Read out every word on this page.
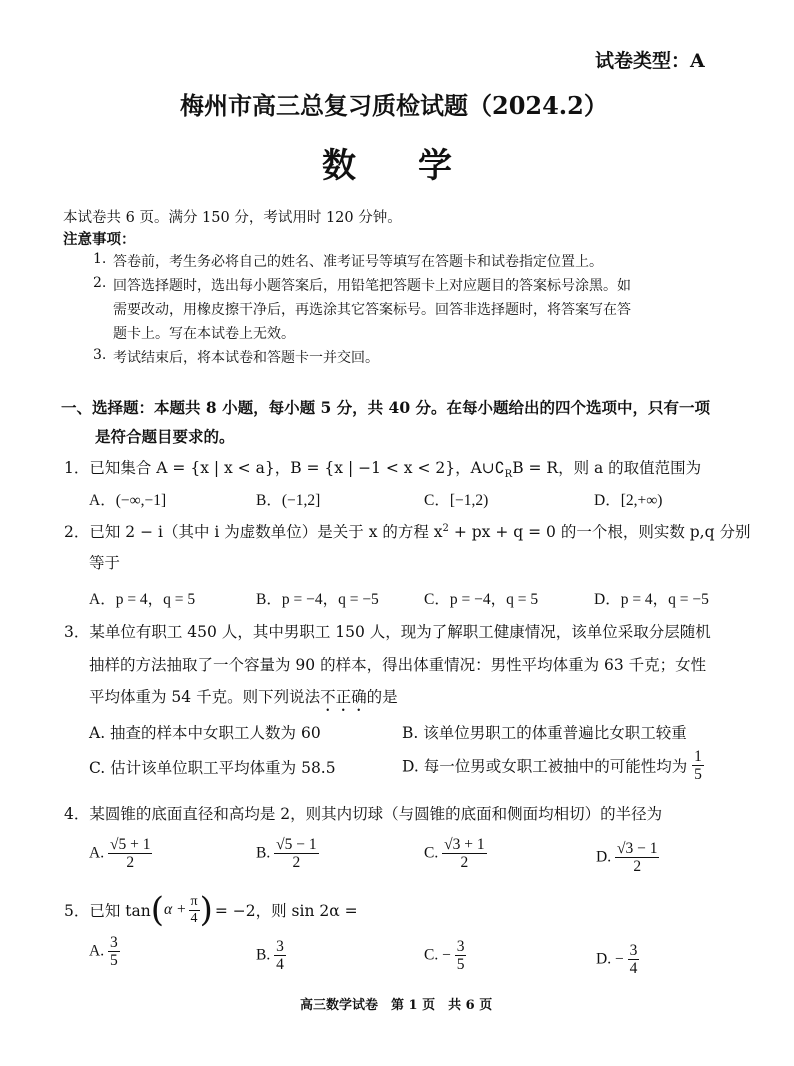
试卷类型：A
梅州市高三总复习质检试题（2024.2）
数　学
本试卷共 6 页。满分 150 分，考试用时 120 分钟。
注意事项：
1. 答卷前，考生务必将自己的姓名、准考证号等填写在答题卡和试卷指定位置上。
2. 回答选择题时，选出每小题答案后，用铅笔把答题卡上对应题目的答案标号涂黑。如
需要改动，用橡皮擦干净后，再选涂其它答案标号。回答非选择题时，将答案写在答
题卡上。写在本试卷上无效。
3. 考试结束后，将本试卷和答题卡一并交回。
一、选择题：本题共 8 小题，每小题 5 分，共 40 分。在每小题给出的四个选项中，只有一项
是符合题目要求的。
1．已知集合 A = {x | x < a}，B = {x | −1 < x < 2}，$A\cup∁_RB = R$，则 a 的取值范围为
A．(−∞,−1]	B．(−1,2]	C．[−1,2)	D．[2,+∞)
2．已知 2 − i（其中 i 为虚数单位）是关于 x 的方程 $x^2$ + px + q = 0 的一个根，则实数 p,q 分别
等于
A．p = 4，q = 5	B．p = −4，q = −5	C．p = −4，q = 5	D．p = 4，q = −5
3．某单位有职工 450 人，其中男职工 150 人，现为了解职工健康情况，该单位采取分层随机
抽样的方法抽取了一个容量为 90 的样本，得出体重情况：男性平均体重为 63 千克；女性
平均体重为 54 千克。则下列说法不正确的是
A. 抽查的样本中女职工人数为 60	B. 该单位男职工的体重普遍比女职工较重
C. 估计该单位职工平均体重为 58.5	D. 每一位男或女职工被抽中的可能性均为 $\frac{1}{5}$
4．某圆锥的底面直径和高均是 2，则其内切球（与圆锥的底面和侧面均相切）的半径为
A. $\frac{√5 + 1}{2}$	B. $\frac{√5 - 1}{2}$	C. $\frac{√3 + 1}{2}$	D. $\frac{√3 - 1}{2}$
5． 已知 tan ( $\alpha + \frac{\pi}{4}$ ) = −2，则 sin 2α =
A. $\frac{3}{5}$	B. $\frac{3}{4}$	C. − $\frac{3}{5}$	D. − $\frac{3}{4}$
高三数学试卷　第 1 页　共 6 页
